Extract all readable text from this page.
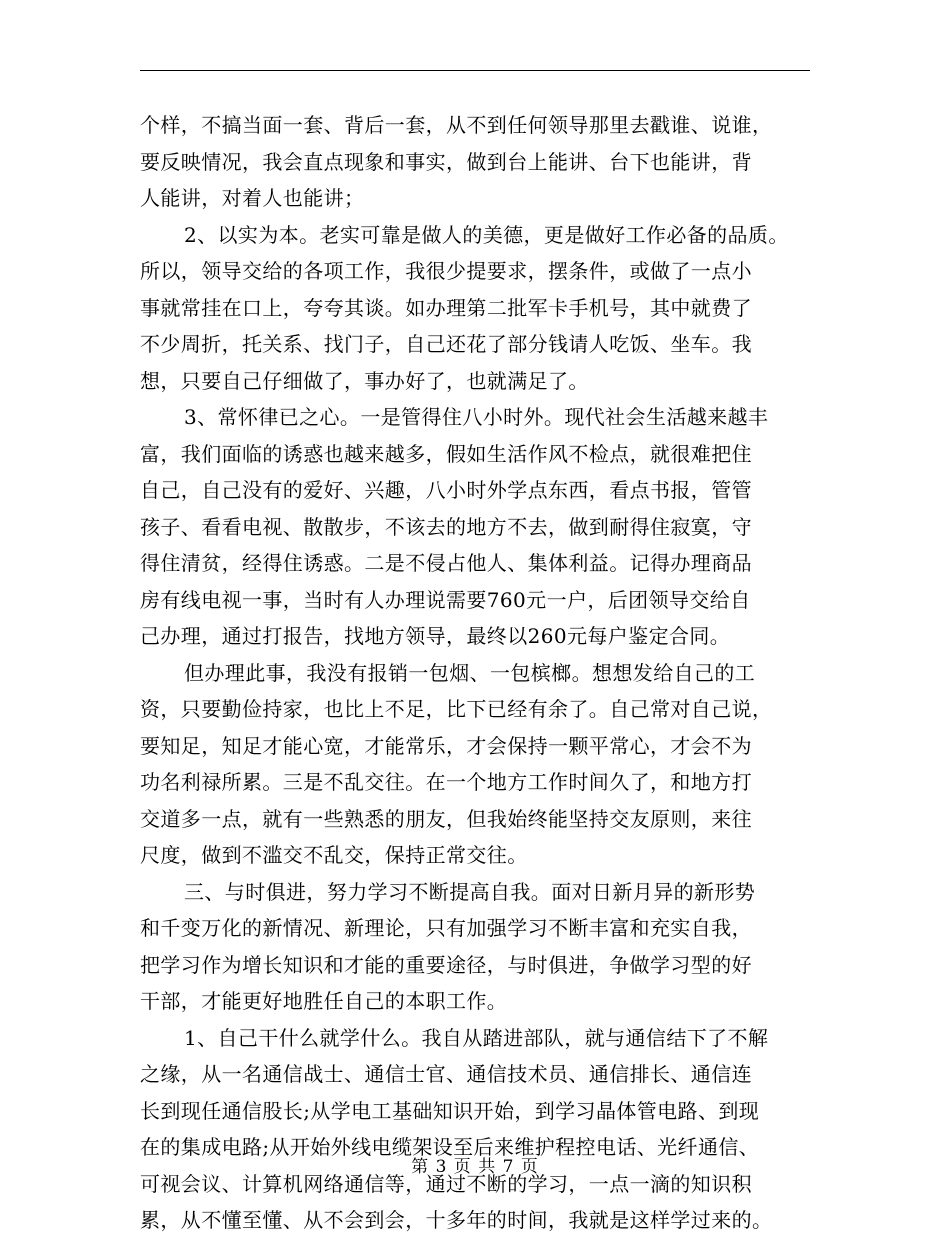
个样，不搞当面一套、背后一套，从不到任何领导那里去戳谁、说谁，
要反映情况，我会直点现象和事实，做到台上能讲、台下也能讲，背
人能讲，对着人也能讲；
2、以实为本。老实可靠是做人的美德，更是做好工作必备的品质。
所以，领导交给的各项工作，我很少提要求，摆条件，或做了一点小
事就常挂在口上，夸夸其谈。如办理第二批军卡手机号，其中就费了
不少周折，托关系、找门子，自己还花了部分钱请人吃饭、坐车。我
想，只要自己仔细做了，事办好了，也就满足了。
3、常怀律已之心。一是管得住八小时外。现代社会生活越来越丰
富，我们面临的诱惑也越来越多，假如生活作风不检点，就很难把住
自己，自己没有的爱好、兴趣，八小时外学点东西，看点书报，管管
孩子、看看电视、散散步，不该去的地方不去，做到耐得住寂寞，守
得住清贫，经得住诱惑。二是不侵占他人、集体利益。记得办理商品
房有线电视一事，当时有人办理说需要760元一户，后团领导交给自
己办理，通过打报告，找地方领导，最终以260元每户鉴定合同。
但办理此事，我没有报销一包烟、一包槟榔。想想发给自己的工
资，只要勤俭持家，也比上不足，比下已经有余了。自己常对自己说，
要知足，知足才能心宽，才能常乐，才会保持一颗平常心，才会不为
功名利禄所累。三是不乱交往。在一个地方工作时间久了，和地方打
交道多一点，就有一些熟悉的朋友，但我始终能坚持交友原则，来往
尺度，做到不滥交不乱交，保持正常交往。
三、与时俱进，努力学习不断提高自我。面对日新月异的新形势
和千变万化的新情况、新理论，只有加强学习不断丰富和充实自我，
把学习作为增长知识和才能的重要途径，与时俱进，争做学习型的好
干部，才能更好地胜任自己的本职工作。
1、自己干什么就学什么。我自从踏进部队，就与通信结下了不解
之缘，从一名通信战士、通信士官、通信技术员、通信排长、通信连
长到现任通信股长;从学电工基础知识开始，到学习晶体管电路、到现
在的集成电路;从开始外线电缆架设至后来维护程控电话、光纤通信、
可视会议、计算机网络通信等，通过不断的学习，一点一滴的知识积
累，从不懂至懂、从不会到会，十多年的时间，我就是这样学过来的。
第 3 页 共 7 页
